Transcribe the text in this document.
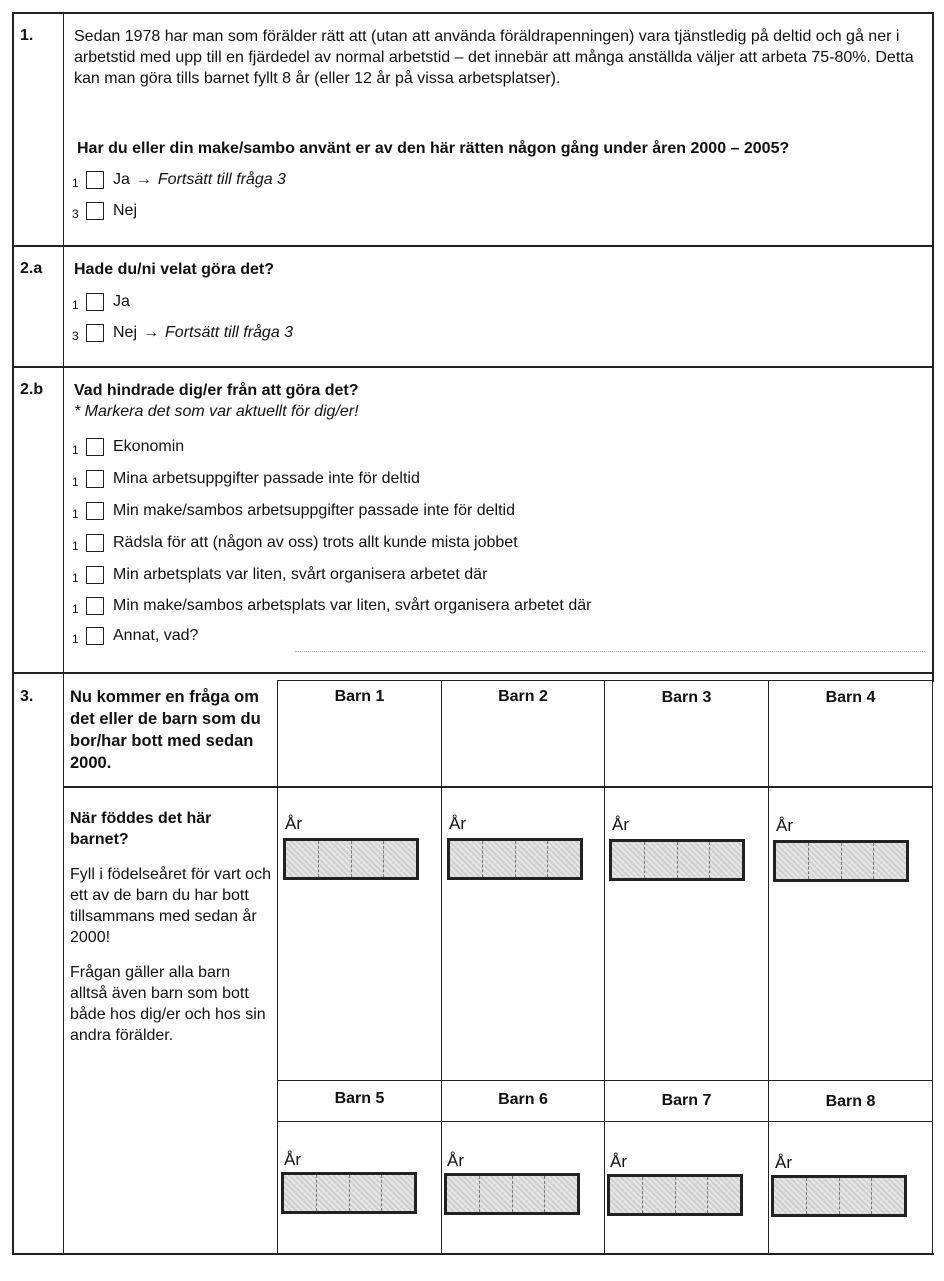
1.	Sedan 1978 har man som förälder rätt att (utan att använda föräldrapenningen) vara tjänstledig på deltid och gå ner i arbetstid med upp till en fjärdedel av normal arbetstid – det innebär att många anställda väljer att arbeta 75-80%. Detta kan man göra tills barnet fyllt 8 år (eller 12 år på vissa arbetsplatser).
Har du eller din make/sambo använt er av den här rätten någon gång under åren 2000 – 2005?
1	Ja → Fortsätt till fråga 3
3	Nej
2.a Hade du/ni velat göra det?
1	Ja
3	Nej → Fortsätt till fråga 3
2.b Vad hindrade dig/er från att göra det?
* Markera det som var aktuellt för dig/er!
1	Ekonomin
1	Mina arbetsuppgifter passade inte för deltid
1	Min make/sambos arbetsuppgifter passade inte för deltid
1	Rädsla för att (någon av oss) trots allt kunde mista jobbet
1	Min arbetsplats var liten, svårt organisera arbetet där
1	Min make/sambos arbetsplats var liten, svårt organisera arbetet där
1	Annat, vad?
3. Nu kommer en fråga om det eller de barn som du bor/har bott med sedan 2000.
Barn 1	Barn 2	Barn 3	Barn 4
När föddes det här barnet?
Fyll i födelseåret för vart och ett av de barn du har bott tillsammans med sedan år 2000!
Frågan gäller alla barn alltså även barn som bott både hos dig/er och hos sin andra förälder.
År	År	År	År
Barn 5	Barn 6	Barn 7	Barn 8
År	År	År	År
